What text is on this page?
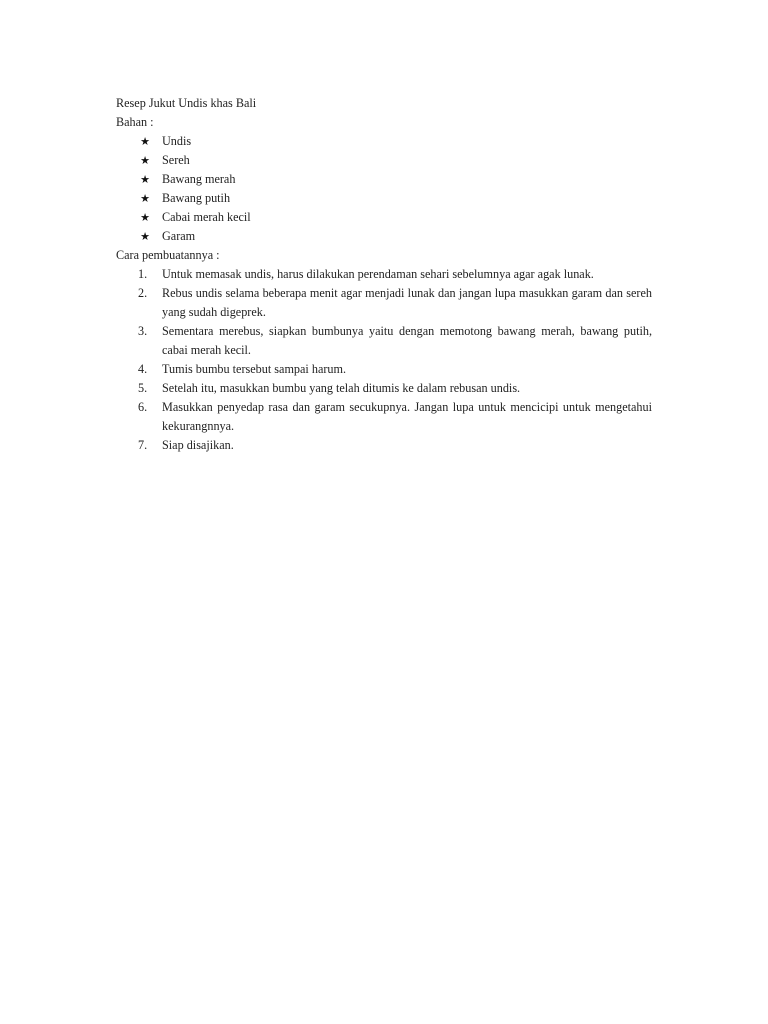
Resep Jukut Undis khas Bali
Bahan :
★ Undis
★ Sereh
★ Bawang merah
★ Bawang putih
★ Cabai merah kecil
★ Garam
Cara pembuatannya :
1.	Untuk memasak undis, harus dilakukan perendaman sehari sebelumnya agar agak lunak.
2.	Rebus undis selama beberapa menit agar menjadi lunak dan jangan lupa masukkan garam dan sereh yang sudah digeprek.
3.	Sementara merebus, siapkan bumbunya yaitu dengan memotong bawang merah, bawang putih, cabai merah kecil.
4.	Tumis bumbu tersebut sampai harum.
5.	Setelah itu, masukkan bumbu yang telah ditumis ke dalam rebusan undis.
6.	Masukkan penyedap rasa dan garam secukupnya. Jangan lupa untuk mencicipi untuk mengetahui kekurangnnya.
7.	Siap disajikan.
